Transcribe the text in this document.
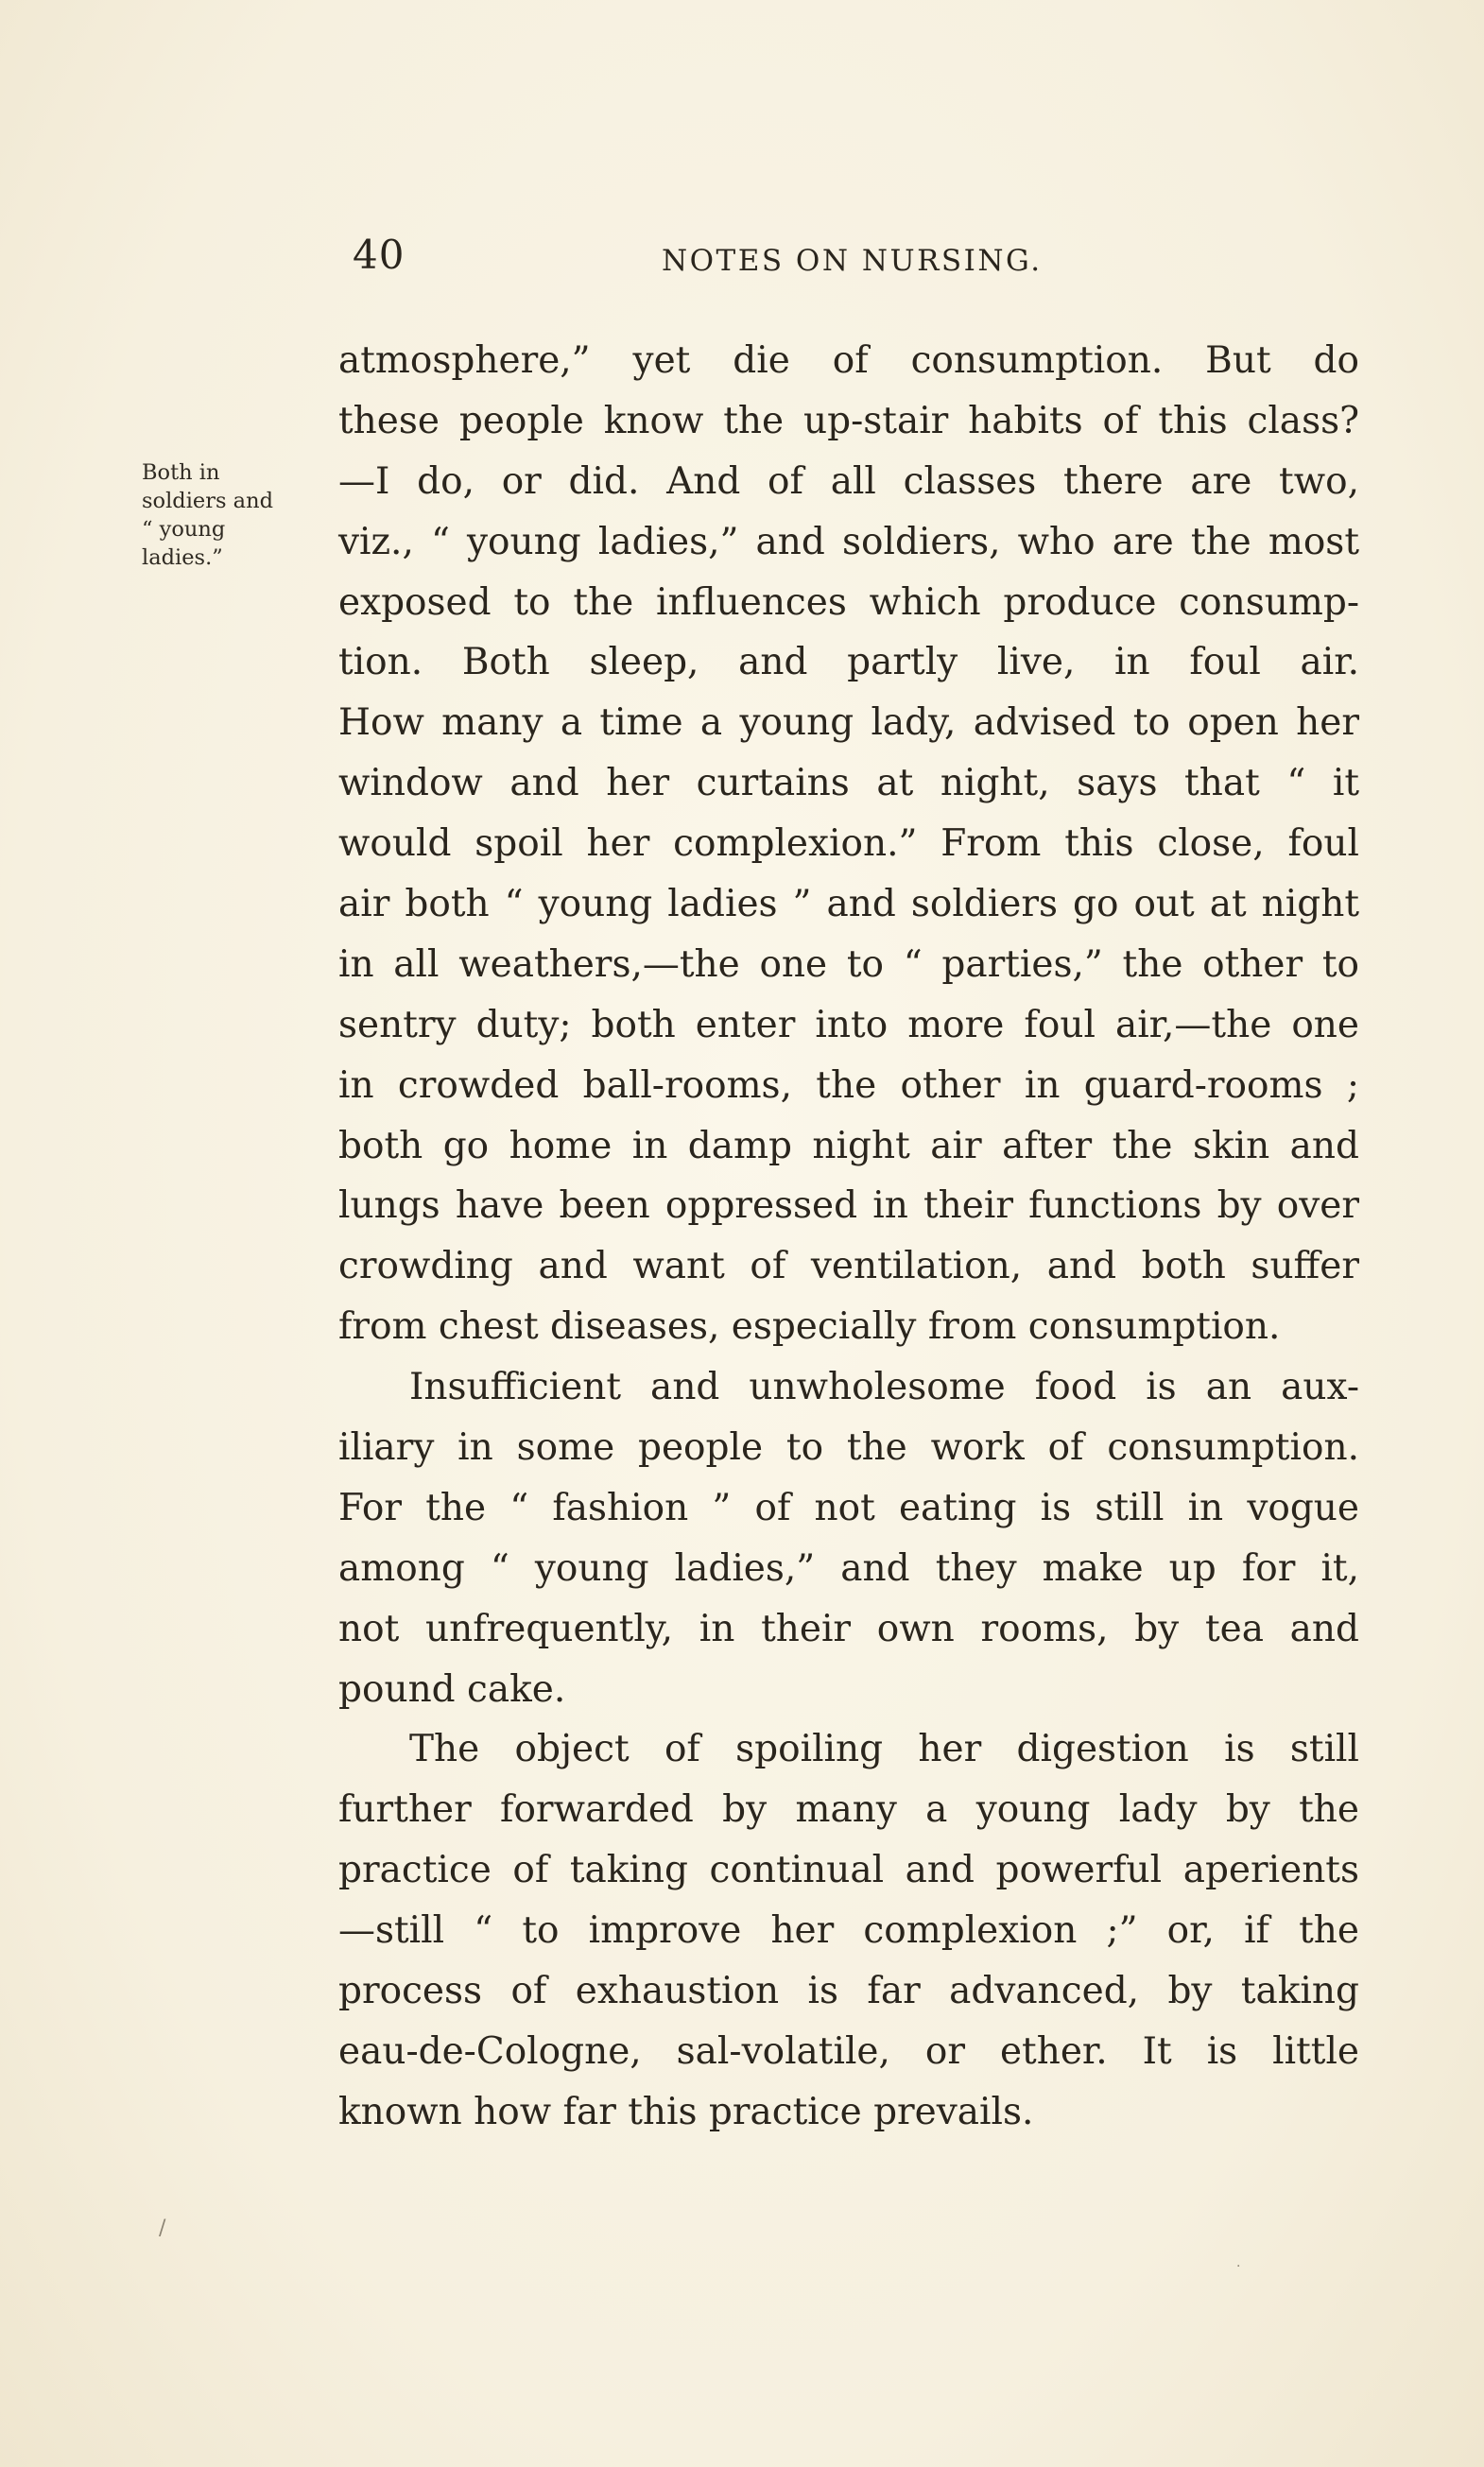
40	NOTES ON NURSING.
Both in
soldiers and
“ young
ladies.”
atmosphere,” yet die of consumption. But do
these people know the up-stair habits of this class?
—I do, or did. And of all classes there are two,
viz., “ young ladies,” and soldiers, who are the most
exposed to the influences which produce consump-
tion. Both sleep, and partly live, in foul air.
How many a time a young lady, advised to open her
window and her curtains at night, says that “ it
would spoil her complexion.” From this close, foul
air both “ young ladies ” and soldiers go out at night
in all weathers,—the one to “ parties,” the other to
sentry duty; both enter into more foul air,—the one
in crowded ball-rooms, the other in guard-rooms ;
both go home in damp night air after the skin and
lungs have been oppressed in their functions by over
crowding and want of ventilation, and both suffer
from chest diseases, especially from consumption.
Insufficient and unwholesome food is an aux-
iliary in some people to the work of consumption.
For the “ fashion ” of not eating is still in vogue
among “ young ladies,” and they make up for it,
not unfrequently, in their own rooms, by tea and
pound cake.
The object of spoiling her digestion is still
further forwarded by many a young lady by the
practice of taking continual and powerful aperients
—still “ to improve her complexion ;” or, if the
process of exhaustion is far advanced, by taking
eau-de-Cologne, sal-volatile, or ether. It is little
known how far this practice prevails.
/
·
